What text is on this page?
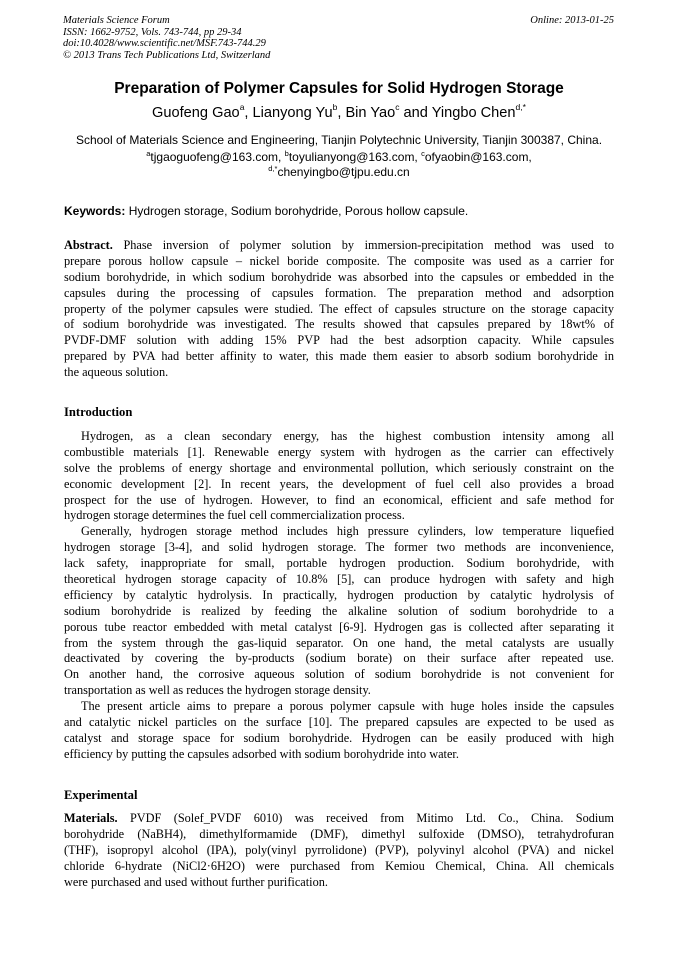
Materials Science Forum
ISSN: 1662-9752, Vols. 743-744, pp 29-34
doi:10.4028/www.scientific.net/MSF.743-744.29
© 2013 Trans Tech Publications Ltd, Switzerland
Online: 2013-01-25
Preparation of Polymer Capsules for Solid Hydrogen Storage
Guofeng Gao$^a$, Lianyong Yu$^b$, Bin Yao$^c$ and Yingbo Chen$^{d,*}$
School of Materials Science and Engineering, Tianjin Polytechnic University, Tianjin 300387, China.
$^a$tjgaoguofeng@163.com, $^b$toyulianyong@163.com, $^c$ofyaobin@163.com,
$^{d,*}$chenyingbo@tjpu.edu.cn
Keywords: Hydrogen storage, Sodium borohydride, Porous hollow capsule.
Abstract. Phase inversion of polymer solution by immersion-precipitation method was used to
prepare porous hollow capsule – nickel boride composite. The composite was used as a carrier for
sodium borohydride, in which sodium borohydride was absorbed into the capsules or embedded in the
capsules during the processing of capsules formation. The preparation method and adsorption
property of the polymer capsules were studied. The effect of capsules structure on the storage capacity
of sodium borohydride was investigated. The results showed that capsules prepared by 18wt% of
PVDF-DMF solution with adding 15% PVP had the best adsorption capacity. While capsules
prepared by PVA had better affinity to water, this made them easier to absorb sodium borohydride in
the aqueous solution.
Introduction
Hydrogen, as a clean secondary energy, has the highest combustion intensity among all
combustible materials [1]. Renewable energy system with hydrogen as the carrier can effectively
solve the problems of energy shortage and environmental pollution, which seriously constraint on the
economic development [2]. In recent years, the development of fuel cell also provides a broad
prospect for the use of hydrogen. However, to find an economical, efficient and safe method for
hydrogen storage determines the fuel cell commercialization process.
Generally, hydrogen storage method includes high pressure cylinders, low temperature liquefied
hydrogen storage [3-4], and solid hydrogen storage. The former two methods are inconvenience,
lack safety, inappropriate for small, portable hydrogen production. Sodium borohydride, with
theoretical hydrogen storage capacity of 10.8% [5], can produce hydrogen with safety and high
efficiency by catalytic hydrolysis. In practically, hydrogen production by catalytic hydrolysis of
sodium borohydride is realized by feeding the alkaline solution of sodium borohydride to a
porous tube reactor embedded with metal catalyst [6-9]. Hydrogen gas is collected after separating it
from the system through the gas-liquid separator. On one hand, the metal catalysts are usually
deactivated by covering the by-products (sodium borate) on their surface after repeated use.
On another hand, the corrosive aqueous solution of sodium borohydride is not convenient for
transportation as well as reduces the hydrogen storage density.
The present article aims to prepare a porous polymer capsule with huge holes inside the capsules
and catalytic nickel particles on the surface [10]. The prepared capsules are expected to be used as
catalyst and storage space for sodium borohydride. Hydrogen can be easily produced with high
efficiency by putting the capsules adsorbed with sodium borohydride into water.
Experimental
Materials. PVDF (Solef_PVDF 6010) was received from Mitimo Ltd. Co., China. Sodium
borohydride (NaBH4), dimethylformamide (DMF), dimethyl sulfoxide (DMSO), tetrahydrofuran
(THF), isopropyl alcohol (IPA), poly(vinyl pyrrolidone) (PVP), polyvinyl alcohol (PVA) and nickel
chloride 6-hydrate (NiCl2·6H2O) were purchased from Kemiou Chemical, China. All chemicals
were purchased and used without further purification.
